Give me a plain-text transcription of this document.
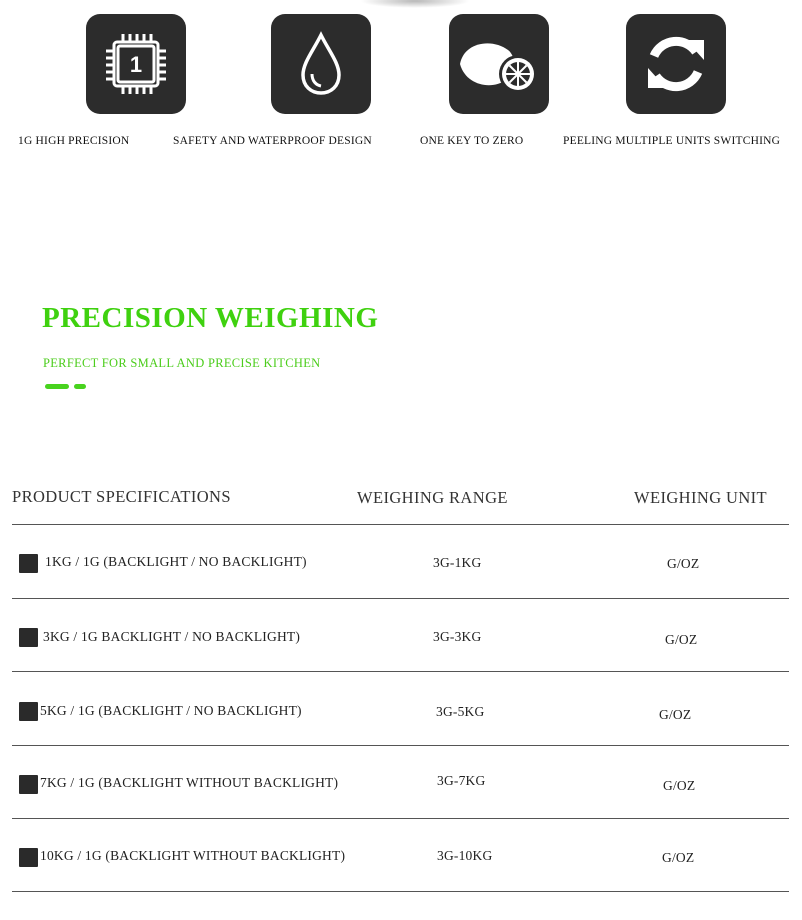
1
1G HIGH PRECISION	SAFETY AND WATERPROOF DESIGN	ONE KEY TO ZERO	PEELING MULTIPLE UNITS SWITCHING
PRECISION WEIGHING
PERFECT FOR SMALL AND PRECISE KITCHEN
PRODUCT SPECIFICATIONS	WEIGHING RANGE	WEIGHING UNIT
1KG / 1G (BACKLIGHT / NO BACKLIGHT)	3G-1KG	G/OZ
3KG / 1G BACKLIGHT / NO BACKLIGHT)	3G-3KG	G/OZ
5KG / 1G (BACKLIGHT / NO BACKLIGHT)	3G-5KG	G/OZ
7KG / 1G (BACKLIGHT WITHOUT BACKLIGHT)	3G-7KG	G/OZ
10KG / 1G (BACKLIGHT WITHOUT BACKLIGHT)	3G-10KG	G/OZ
